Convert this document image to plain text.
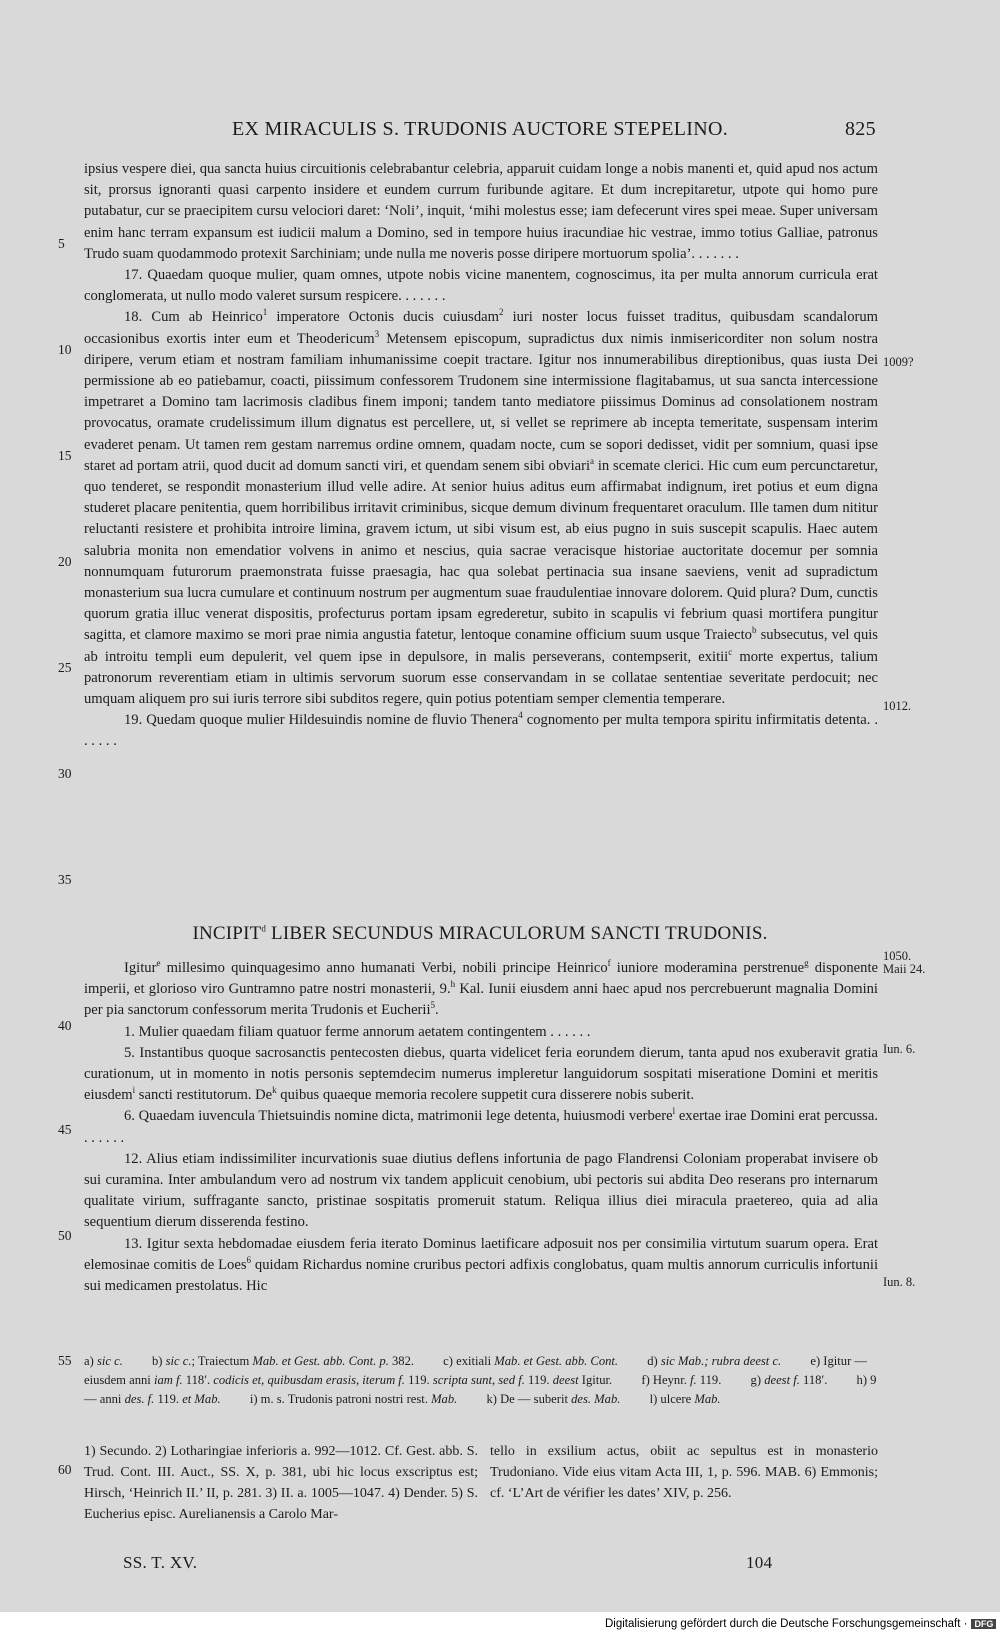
EX MIRACULIS S. TRUDONIS AUCTORE STEPELINO.	825

ipsius vespere diei, qua sancta huius circuitionis celebrabantur celebria, apparuit cuidam longe a nobis manenti et, quid apud nos actum sit, prorsus ignoranti quasi carpento insidere et eundem currum furibunde agitare. Et dum increpitaretur, utpote qui homo pure putabatur, cur se praecipitem cursu velociori daret: ‘Noli’, inquit, ‘mihi molestus esse; iam defecerunt vires spei meae. Super universam enim hanc terram expansum est iudicii malum a Domino, sed in tempore huius iracundiae hic vestrae, immo totius Galliae, patronus Trudo suam quodammodo protexit Sarchiniam; unde nulla me noveris posse diripere mortuorum spolia’. . . . . . .

17. Quaedam quoque mulier, quam omnes, utpote nobis vicine manentem, cognoscimus, ita per multa annorum curricula erat conglomerata, ut nullo modo valeret sursum respicere. . . . . . .

18. Cum ab Heinrico$^1$ imperatore Octonis ducis cuiusdam$^2$ iuri noster locus fuisset traditus, quibusdam scandalorum occasionibus exortis inter eum et Theodericum$^3$ Metensem episcopum, supradictus dux nimis inmisericorditer non solum nostra diripere, verum etiam et nostram familiam inhumanissime coepit tractare. Igitur nos innumerabilibus direptionibus, quas iusta Dei permissione ab eo patiebamur, coacti, piissimum confessorem Trudonem sine intermissione flagitabamus, ut sua sancta intercessione impetraret a Domino tam lacrimosis cladibus finem imponi; tandem tanto mediatore piissimus Dominus ad consolationem nostram provocatus, oramate crudelissimum illum dignatus est percellere, ut, si vellet se reprimere ab incepta temeritate, suspensam interim evaderet penam. Ut tamen rem gestam narremus ordine omnem, quadam nocte, cum se sopori dedisset, vidit per somnium, quasi ipse staret ad portam atrii, quod ducit ad domum sancti viri, et quendam senem sibi obviari$^a$ in scemate clerici. Hic cum eum percunctaretur, quo tenderet, se respondit monasterium illud velle adire. At senior huius aditus eum affirmabat indignum, iret potius et eum digna studeret placare penitentia, quem horribilibus irritavit criminibus, sicque demum divinum frequentaret oraculum. Ille tamen dum nititur reluctanti resistere et prohibita introire limina, gravem ictum, ut sibi visum est, ab eius pugno in suis suscepit scapulis. Haec autem salubria monita non emendatior volvens in animo et nescius, quia sacrae veracisque historiae auctoritate docemur per somnia nonnumquam futurorum praemonstrata fuisse praesagia, hac qua solebat pertinacia sua insane saeviens, venit ad supradictum monasterium sua lucra cumulare et continuum nostrum per augmentum suae fraudulentiae innovare dolorem. Quid plura? Dum, cunctis quorum gratia illuc venerat dispositis, profecturus portam ipsam egrederetur, subito in scapulis vi febrium quasi mortifera pungitur sagitta, et clamore maximo se mori prae nimia angustia fatetur, lentoque conamine officium suum usque Traiecto$^b$ subsecutus, vel quis ab introitu templi eum depulerit, vel quem ipse in depulsore, in malis perseverans, contempserit, exitii$^c$ morte expertus, talium patronorum reverentiam etiam in ultimis servorum suorum esse conservandam in se collatae sententiae severitate perdocuit; nec umquam aliquem pro sui iuris terrore sibi subditos regere, quin potius potentiam semper clementia temperare.

19. Quedam quoque mulier Hildesuindis nomine de fluvio Thenera$^4$ cognomento per multa tempora spiritu infirmitatis detenta. . . . . . .

INCIPIT$^d$ LIBER SECUNDUS MIRACULORUM SANCTI TRUDONIS.

Igitur$^e$ millesimo quinquagesimo anno humanati Verbi, nobili principe Heinrico$^f$ iuniore moderamina perstrenue$^g$ disponente imperii, et glorioso viro Guntramno patre nostri monasterii, 9.$^h$ Kal. Iunii eiusdem anni haec apud nos percrebuerunt magnalia Domini per pia sanctorum confessorum merita Trudonis et Eucherii$^5$.

1. Mulier quaedam filiam quatuor ferme annorum aetatem contingentem . . . . . .

5. Instantibus quoque sacrosanctis pentecosten diebus, quarta videlicet feria eorundem dierum, tanta apud nos exuberavit gratia curationum, ut in momento in notis personis septemdecim numerus impleretur languidorum sospitati miseratione Domini et meritis eiusdem$^i$ sancti restitutorum. De$^k$ quibus quaeque memoria recolere suppetit cura disserere nobis suberit.

6. Quaedam iuvencula Thietsuindis nomine dicta, matrimonii lege detenta, huiusmodi verbere$^l$ exertae irae Domini erat percussa. . . . . . .

12. Alius etiam indissimiliter incurvationis suae diutius deflens infortunia de pago Flandrensi Coloniam properabat invisere ob sui curamina. Inter ambulandum vero ad nostrum vix tandem applicuit cenobium, ubi pectoris sui abdita Deo reserans pro internarum qualitate virium, suffragante sancto, pristinae sospitatis promeruit statum. Reliqua illius diei miracula praetereo, quia ad alia sequentium dierum disserenda festino.

13. Igitur sexta hebdomadae eiusdem feria iterato Dominus laetificare adposuit nos per consimilia virtutum suarum opera. Erat elemosinae comitis de Loes$^6$ quidam Richardus nomine cruribus pectori adfixis conglobatus, quam multis annorum curriculis infortunii sui medicamen prestolatus. Hic

5
10
15
20
25
30
35
40
45
50
55
60
1009?
1012.
1050.
Maii 24.
Iun. 6.
Iun. 8.
a) sic c. b) sic c.; Traiectum Mab. et Gest. abb. Cont. p. 382. c) exitiali Mab. et Gest. abb. Cont. d) sic Mab.; rubra deest c. e) Igitur — eiusdem anni iam f. 118′. codicis et, quibusdam erasis, iterum f. 119. scripta sunt, sed f. 119. deest Igitur. f) Heynr. f. 119. g) deest f. 118′. h) 9 — anni des. f. 119. et Mab. i) m. s. Trudonis patroni nostri rest. Mab. k) De — suberit des. Mab. l) ulcere Mab.

1) Secundo. 2) Lotharingiae inferioris a. 992—1012. Cf. Gest. abb. S. Trud. Cont. III. Auct., SS. X, p. 381, ubi hic locus exscriptus est; Hirsch, ‘Heinrich II.’ II, p. 281. 3) II. a. 1005—1047. 4) Dender. 5) S. Eucherius episc. Aurelianensis a Carolo Mar-

tello in exsilium actus, obiit ac sepultus est in monasterio Trudoniano. Vide eius vitam Acta III, 1, p. 596. MAB. 6) Emmonis; cf. ‘L’Art de vérifier les dates’ XIV, p. 256.

SS. T. XV.	104
Digitalisierung gefördert durch die Deutsche Forschungsgemeinschaft · DFG
